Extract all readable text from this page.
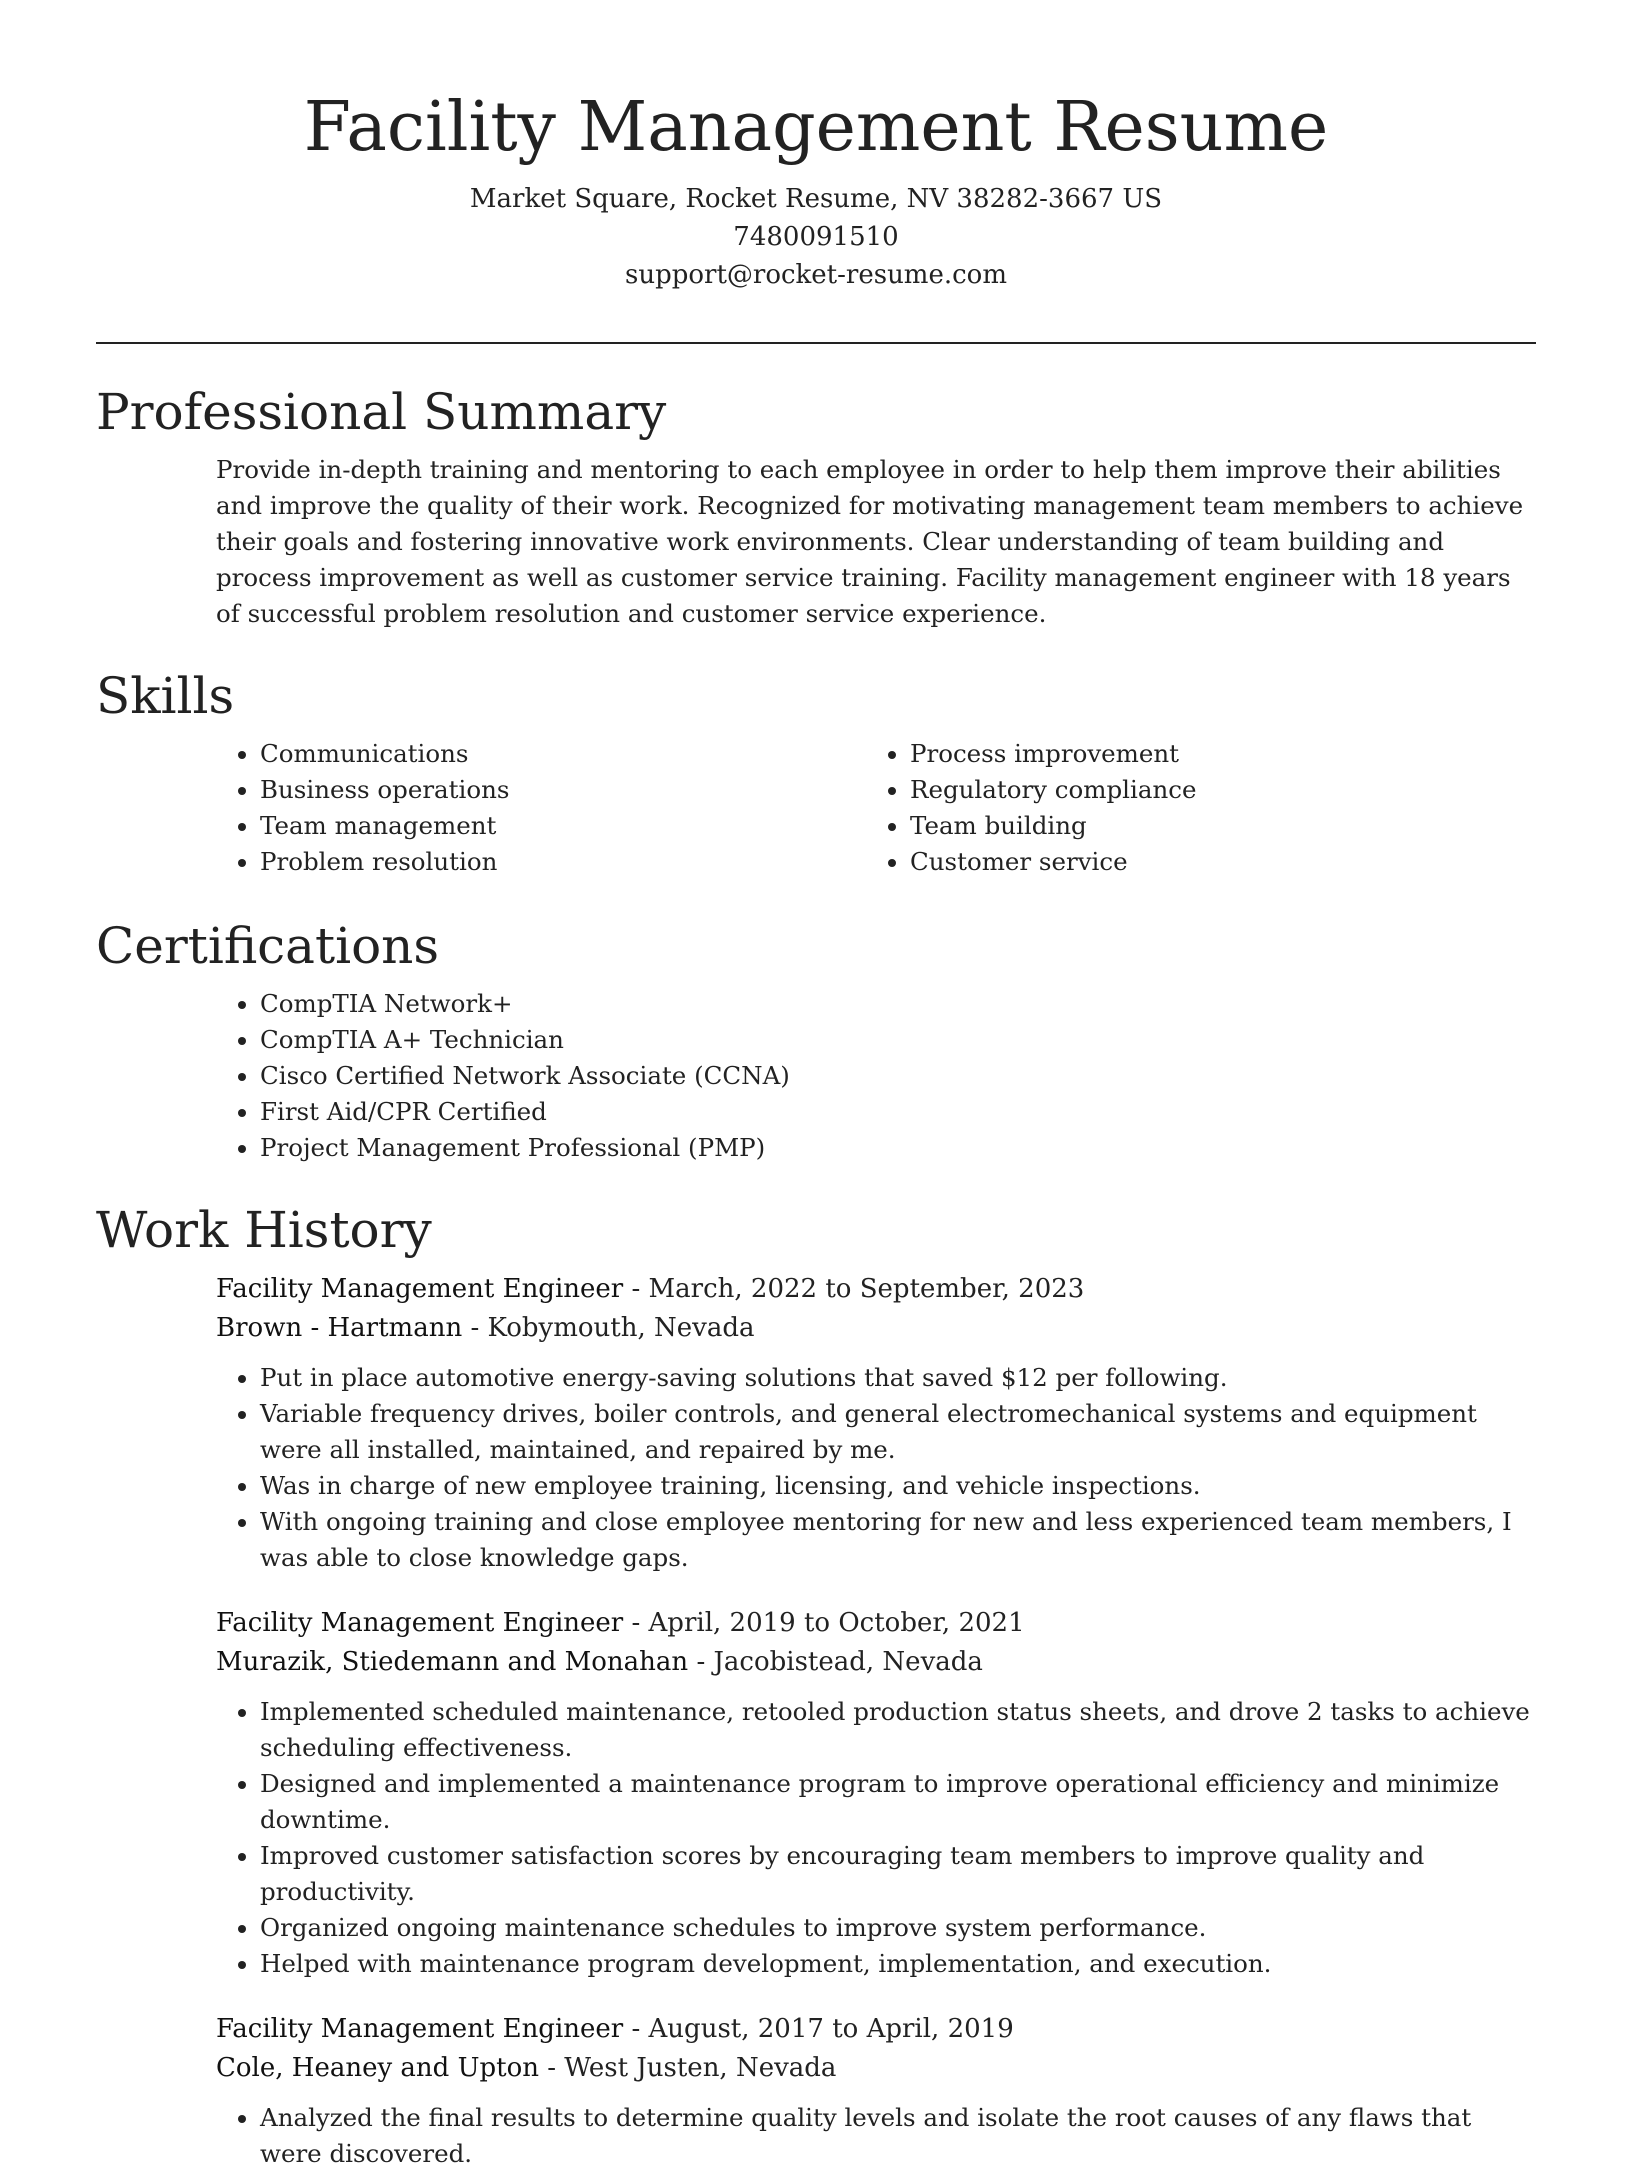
Facility Management Resume

Market Square, Rocket Resume, NV 38282-3667 US

7480091510

support@rocket-resume.com

Professional Summary

Provide in-depth training and mentoring to each employee in order to help them improve their abilities and improve the quality of their work. Recognized for motivating management team members to achieve their goals and fostering innovative work environments. Clear understanding of team building and process improvement as well as customer service training. Facility management engineer with 18 years of successful problem resolution and customer service experience.

Skills
• Communications
• Business operations
• Team management
• Problem resolution
• Process improvement
• Regulatory compliance
• Team building
• Customer service
Certifications
• CompTIA Network+
• CompTIA A+ Technician
• Cisco Certified Network Associate (CCNA)
• First Aid/CPR Certified
• Project Management Professional (PMP)
Work History

Facility Management Engineer - March, 2022 to September, 2023

Brown - Hartmann - Kobymouth, Nevada

• Put in place automotive energy-saving solutions that saved $12 per following.
• Variable frequency drives, boiler controls, and general electromechanical systems and equipment were all installed, maintained, and repaired by me.
• Was in charge of new employee training, licensing, and vehicle inspections.
• With ongoing training and close employee mentoring for new and less experienced team members, I was able to close knowledge gaps.

Facility Management Engineer - April, 2019 to October, 2021

Murazik, Stiedemann and Monahan - Jacobistead, Nevada

• Implemented scheduled maintenance, retooled production status sheets, and drove 2 tasks to achieve scheduling effectiveness.
• Designed and implemented a maintenance program to improve operational efficiency and minimize downtime.
• Improved customer satisfaction scores by encouraging team members to improve quality and productivity.
• Organized ongoing maintenance schedules to improve system performance.
• Helped with maintenance program development, implementation, and execution.

Facility Management Engineer - August, 2017 to April, 2019

Cole, Heaney and Upton - West Justen, Nevada

• Analyzed the final results to determine quality levels and isolate the root causes of any flaws that were discovered.
